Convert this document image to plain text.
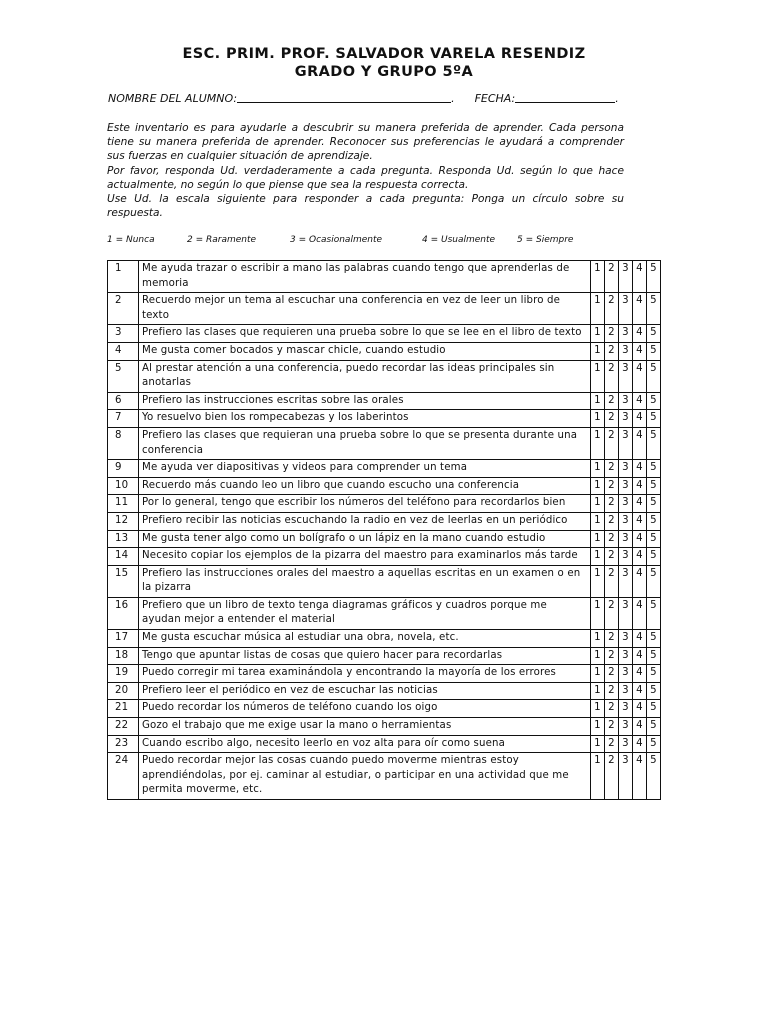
ESC. PRIM. PROF. SALVADOR VARELA RESENDIZ
GRADO Y GRUPO 5ºA
NOMBRE DEL ALUMNO:	. FECHA:	.

Este inventario es para ayudarle a descubrir su manera preferida de aprender. Cada persona tiene su manera preferida de aprender. Reconocer sus preferencias le ayudará a comprender sus fuerzas en cualquier situación de aprendizaje.

Por favor, responda Ud. verdaderamente a cada pregunta. Responda Ud. según lo que hace actualmente, no según lo que piense que sea la respuesta correcta.

Use Ud. la escala siguiente para responder a cada pregunta: Ponga un círculo sobre su respuesta.

1 = Nunca	2 = Raramente	3 = Ocasionalmente	4 = Usualmente 5 = Siempre
1	Me ayuda trazar o escribir a mano las palabras cuando tengo que aprenderlas de memoria	1	2	3	4	5
2	Recuerdo mejor un tema al escuchar una conferencia en vez de leer un libro de texto	1	2	3	4	5
3	Prefiero las clases que requieren una prueba sobre lo que se lee en el libro de texto	1	2	3	4	5
4	Me gusta comer bocados y mascar chicle, cuando estudio	1	2	3	4	5
5	Al prestar atención a una conferencia, puedo recordar las ideas principales sin anotarlas	1	2	3	4	5
6	Prefiero las instrucciones escritas sobre las orales	1	2	3	4	5
7	Yo resuelvo bien los rompecabezas y los laberintos	1	2	3	4	5
8	Prefiero las clases que requieran una prueba sobre lo que se presenta durante una conferencia	1	2	3	4	5
9	Me ayuda ver diapositivas y videos para comprender un tema	1	2	3	4	5
10	Recuerdo más cuando leo un libro que cuando escucho una conferencia	1	2	3	4	5
11	Por lo general, tengo que escribir los números del teléfono para recordarlos bien	1	2	3	4	5
12	Prefiero recibir las noticias escuchando la radio en vez de leerlas en un periódico	1	2	3	4	5
13	Me gusta tener algo como un bolígrafo o un lápiz en la mano cuando estudio	1	2	3	4	5
14	Necesito copiar los ejemplos de la pizarra del maestro para examinarlos más tarde	1	2	3	4	5
15	Prefiero las instrucciones orales del maestro a aquellas escritas en un examen o en la pizarra	1	2	3	4	5
16	Prefiero que un libro de texto tenga diagramas gráficos y cuadros porque me ayudan mejor a entender el material	1	2	3	4	5
17	Me gusta escuchar música al estudiar una obra, novela, etc.	1	2	3	4	5
18	Tengo que apuntar listas de cosas que quiero hacer para recordarlas	1	2	3	4	5
19	Puedo corregir mi tarea examinándola y encontrando la mayoría de los errores	1	2	3	4	5
20	Prefiero leer el periódico en vez de escuchar las noticias	1	2	3	4	5
21	Puedo recordar los números de teléfono cuando los oigo	1	2	3	4	5
22	Gozo el trabajo que me exige usar la mano o herramientas	1	2	3	4	5
23	Cuando escribo algo, necesito leerlo en voz alta para oír como suena	1	2	3	4	5
24	Puedo recordar mejor las cosas cuando puedo moverme mientras estoy aprendiéndolas, por ej. caminar al estudiar, o participar en una actividad que me permita moverme, etc.	1	2	3	4	5
